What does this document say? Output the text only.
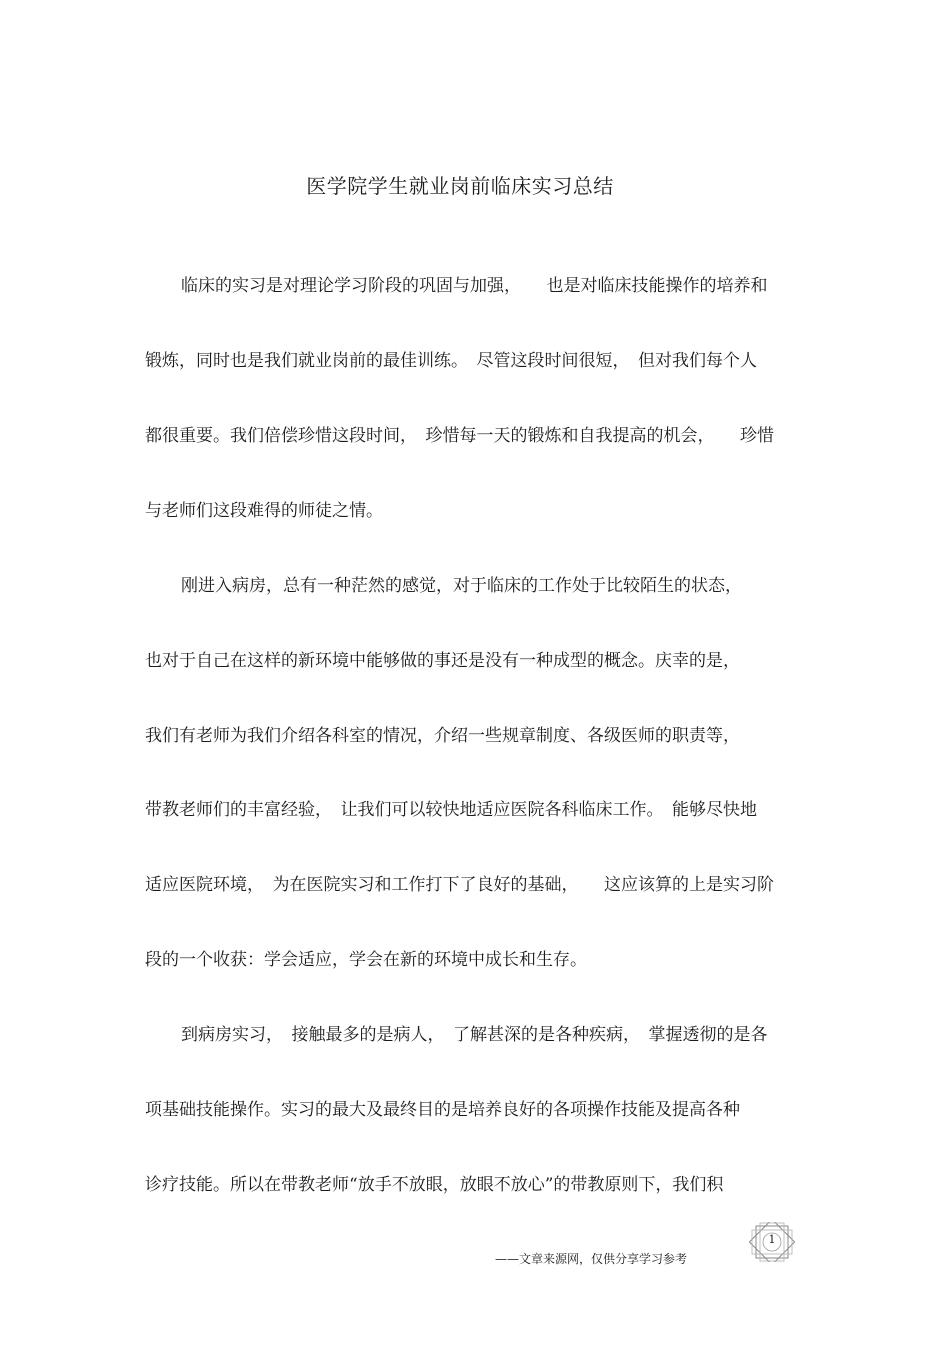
医学院学生就业岗前临床实习总结
临床的实习是对理论学习阶段的巩固与加强，　　也是对临床技能操作的培养和
锻炼，同时也是我们就业岗前的最佳训练。　尽管这段时间很短，　但对我们每个人
都很重要。我们倍偿珍惜这段时间，　珍惜每一天的锻炼和自我提高的机会，　　珍惜
与老师们这段难得的师徒之情。
刚进入病房，总有一种茫然的感觉，对于临床的工作处于比较陌生的状态，
也对于自己在这样的新环境中能够做的事还是没有一种成型的概念。庆幸的是，
我们有老师为我们介绍各科室的情况，介绍一些规章制度、各级医师的职责等，
带教老师们的丰富经验，　让我们可以较快地适应医院各科临床工作。　能够尽快地
适应医院环境，　为在医院实习和工作打下了良好的基础，　　这应该算的上是实习阶
段的一个收获：学会适应，学会在新的环境中成长和生存。
到病房实习，　接触最多的是病人，　了解甚深的是各种疾病，　掌握透彻的是各
项基础技能操作。实习的最大及最终目的是培养良好的各项操作技能及提高各种
诊疗技能。所以在带教老师“放手不放眼，放眼不放心”的带教原则下，我们积
——文章来源网，仅供分享学习参考
1
